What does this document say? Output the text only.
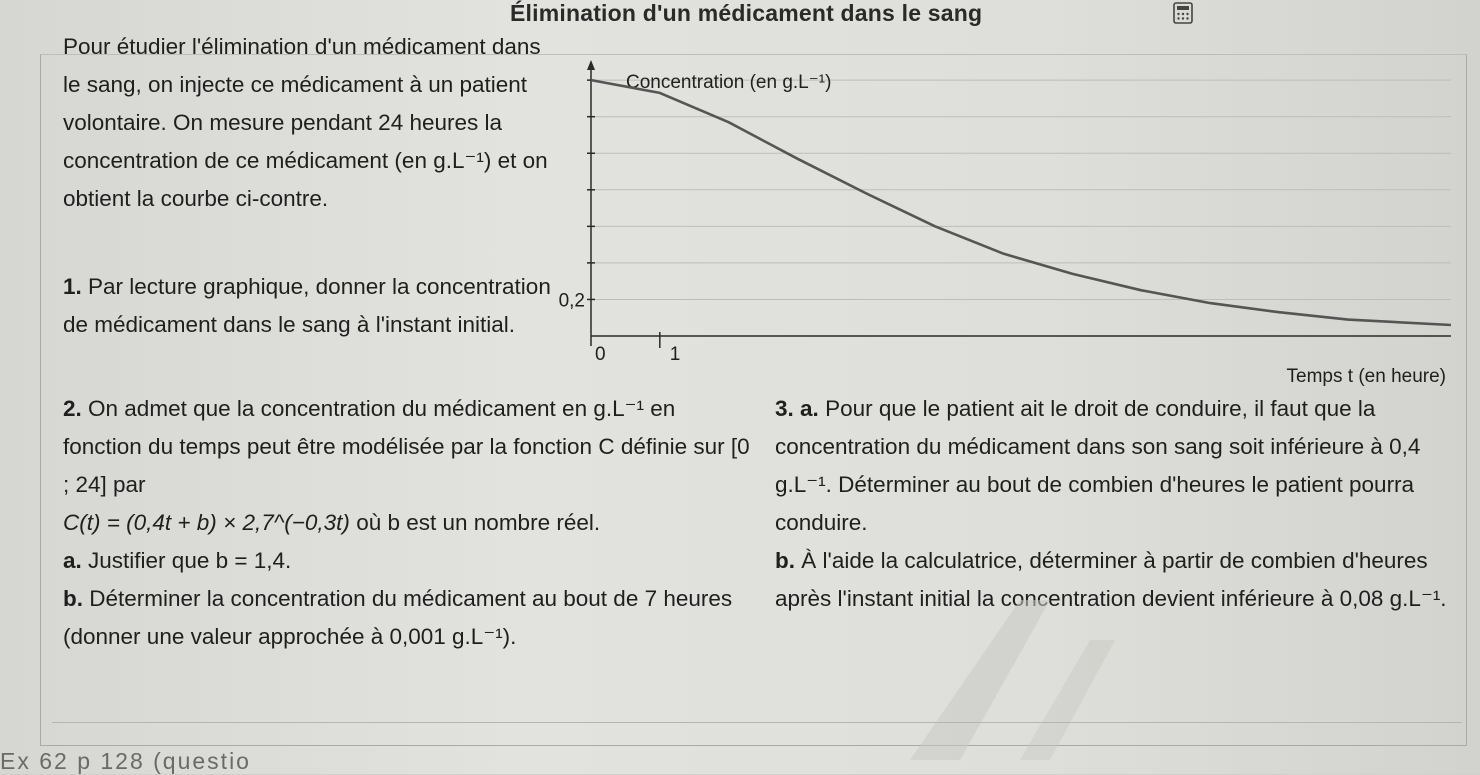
Élimination d'un médicament dans le sang

Pour étudier l'élimination d'un médicament dans le sang, on injecte ce médicament à un patient volontaire. On mesure pendant 24 heures la concentration de ce médicament (en g.L⁻¹) et on obtient la courbe ci-contre.

1. Par lecture graphique, donner la concentration de médicament dans le sang à l'instant initial.

2. On admet que la concentration du médicament en g.L⁻¹ en fonction du temps peut être modélisée par la fonction C définie sur [0 ; 24] par
C(t) = (0,4t + b) × 2,7^(−0,3t) où b est un nombre réel.
a. Justifier que b = 1,4.
b. Déterminer la concentration du médicament au bout de 7 heures (donner une valeur approchée à 0,001 g.L⁻¹).

3. a. Pour que le patient ait le droit de conduire, il faut que la concentration du médicament dans son sang soit inférieure à 0,4 g.L⁻¹. Déterminer au bout de combien d'heures le patient pourra conduire.
b. À l'aide la calculatrice, déterminer à partir de combien d'heures après l'instant initial la concentration devient inférieure à 0,08 g.L⁻¹.

Concentration (en g.L⁻¹)
Temps t (en heure)
0,2
0	1
Ex 62 p 128 (questio
